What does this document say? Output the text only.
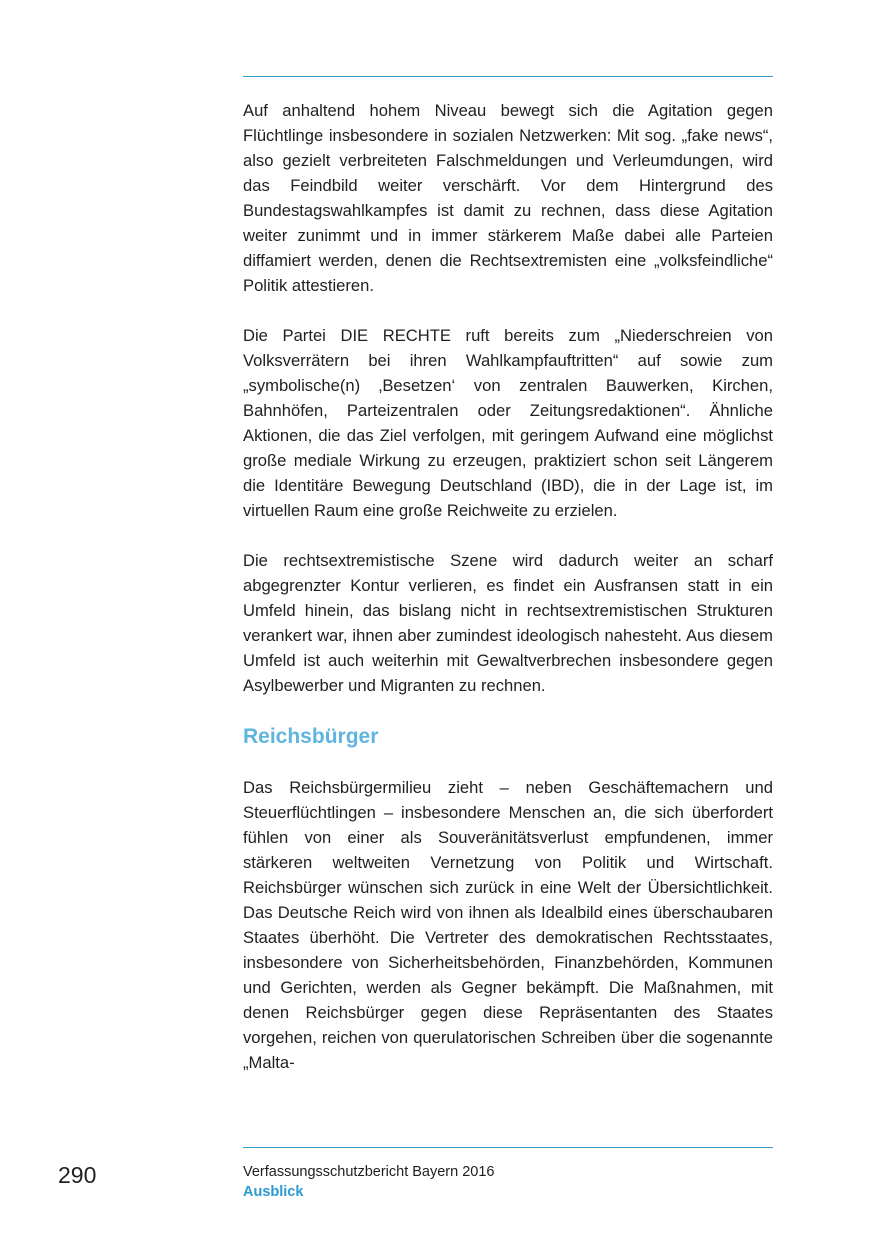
Auf anhaltend hohem Niveau bewegt sich die Agitation gegen Flüchtlinge insbesondere in sozialen Netzwerken: Mit sog. „fake news“, also gezielt verbreiteten Falschmeldungen und Verleumdungen, wird das Feindbild weiter verschärft. Vor dem Hintergrund des Bundestagswahlkampfes ist damit zu rechnen, dass diese Agitation weiter zunimmt und in immer stärkerem Maße dabei alle Parteien diffamiert werden, denen die Rechtsextremisten eine „volksfeindliche“ Politik attestieren.

Die Partei DIE RECHTE ruft bereits zum „Niederschreien von Volksverrätern bei ihren Wahlkampfauftritten“ auf sowie zum „symbolische(n) ‚Besetzen‘ von zentralen Bauwerken, Kirchen, Bahnhöfen, Parteizentralen oder Zeitungsredaktionen“. Ähnliche Aktionen, die das Ziel verfolgen, mit geringem Aufwand eine möglichst große mediale Wirkung zu erzeugen, praktiziert schon seit Längerem die Identitäre Bewegung Deutschland (IBD), die in der Lage ist, im virtuellen Raum eine große Reichweite zu erzielen.

Die rechtsextremistische Szene wird dadurch weiter an scharf abgegrenzter Kontur verlieren, es findet ein Ausfransen statt in ein Umfeld hinein, das bislang nicht in rechtsextremistischen Strukturen verankert war, ihnen aber zumindest ideologisch nahesteht. Aus diesem Umfeld ist auch weiterhin mit Gewaltverbrechen insbesondere gegen Asylbewerber und Migranten zu rechnen.

Reichsbürger

Das Reichsbürgermilieu zieht – neben Geschäftemachern und Steuerflüchtlingen – insbesondere Menschen an, die sich überfordert fühlen von einer als Souveränitätsverlust empfundenen, immer stärkeren weltweiten Vernetzung von Politik und Wirtschaft. Reichsbürger wünschen sich zurück in eine Welt der Übersichtlichkeit. Das Deutsche Reich wird von ihnen als Idealbild eines überschaubaren Staates überhöht. Die Vertreter des demokratischen Rechtsstaates, insbesondere von Sicherheitsbehörden, Finanzbehörden, Kommunen und Gerichten, werden als Gegner bekämpft. Die Maßnahmen, mit denen Reichsbürger gegen diese Repräsentanten des Staates vorgehen, reichen von querulatorischen Schreiben über die sogenannte „Malta-

290	Verfassungsschutzbericht Bayern 2016
Ausblick
